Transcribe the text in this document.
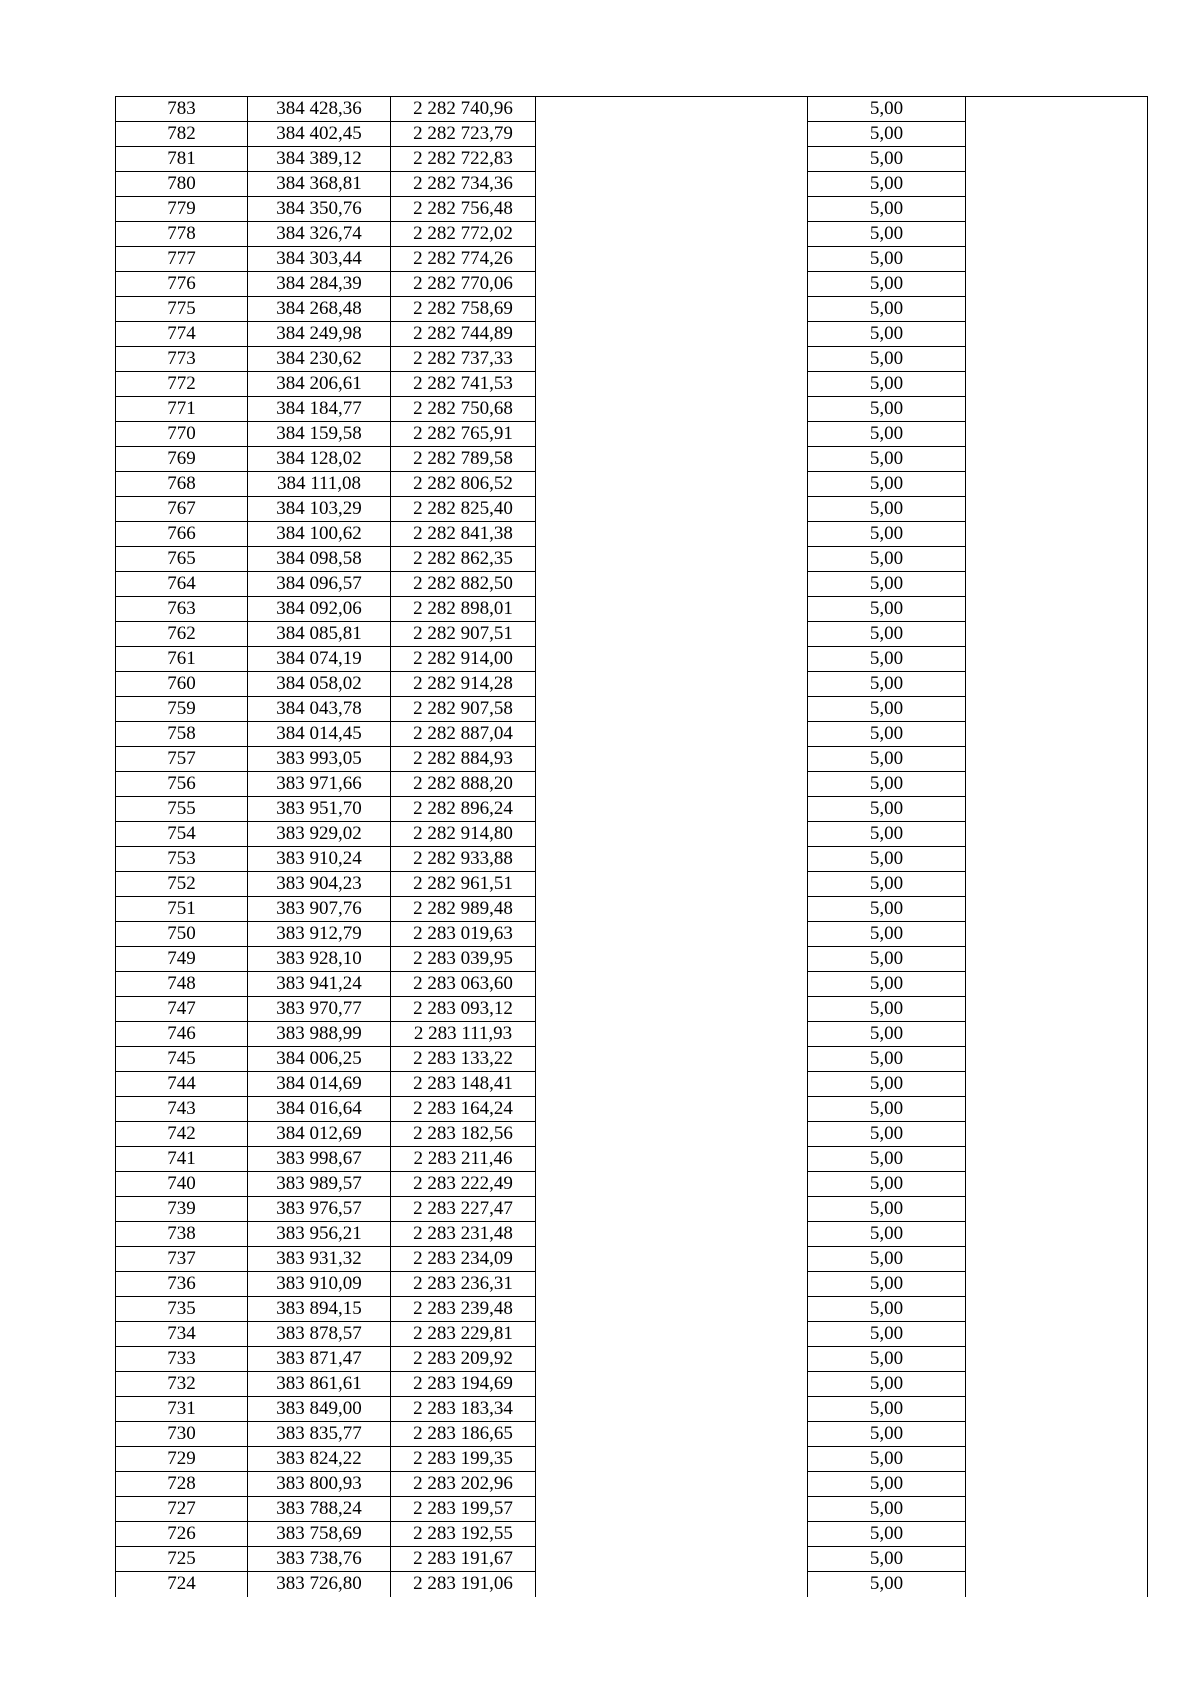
783	384 428,36	2 282 740,96	5,00
782	384 402,45	2 282 723,79	5,00
781	384 389,12	2 282 722,83	5,00
780	384 368,81	2 282 734,36	5,00
779	384 350,76	2 282 756,48	5,00
778	384 326,74	2 282 772,02	5,00
777	384 303,44	2 282 774,26	5,00
776	384 284,39	2 282 770,06	5,00
775	384 268,48	2 282 758,69	5,00
774	384 249,98	2 282 744,89	5,00
773	384 230,62	2 282 737,33	5,00
772	384 206,61	2 282 741,53	5,00
771	384 184,77	2 282 750,68	5,00
770	384 159,58	2 282 765,91	5,00
769	384 128,02	2 282 789,58	5,00
768	384 111,08	2 282 806,52	5,00
767	384 103,29	2 282 825,40	5,00
766	384 100,62	2 282 841,38	5,00
765	384 098,58	2 282 862,35	5,00
764	384 096,57	2 282 882,50	5,00
763	384 092,06	2 282 898,01	5,00
762	384 085,81	2 282 907,51	5,00
761	384 074,19	2 282 914,00	5,00
760	384 058,02	2 282 914,28	5,00
759	384 043,78	2 282 907,58	5,00
758	384 014,45	2 282 887,04	5,00
757	383 993,05	2 282 884,93	5,00
756	383 971,66	2 282 888,20	5,00
755	383 951,70	2 282 896,24	5,00
754	383 929,02	2 282 914,80	5,00
753	383 910,24	2 282 933,88	5,00
752	383 904,23	2 282 961,51	5,00
751	383 907,76	2 282 989,48	5,00
750	383 912,79	2 283 019,63	5,00
749	383 928,10	2 283 039,95	5,00
748	383 941,24	2 283 063,60	5,00
747	383 970,77	2 283 093,12	5,00
746	383 988,99	2 283 111,93	5,00
745	384 006,25	2 283 133,22	5,00
744	384 014,69	2 283 148,41	5,00
743	384 016,64	2 283 164,24	5,00
742	384 012,69	2 283 182,56	5,00
741	383 998,67	2 283 211,46	5,00
740	383 989,57	2 283 222,49	5,00
739	383 976,57	2 283 227,47	5,00
738	383 956,21	2 283 231,48	5,00
737	383 931,32	2 283 234,09	5,00
736	383 910,09	2 283 236,31	5,00
735	383 894,15	2 283 239,48	5,00
734	383 878,57	2 283 229,81	5,00
733	383 871,47	2 283 209,92	5,00
732	383 861,61	2 283 194,69	5,00
731	383 849,00	2 283 183,34	5,00
730	383 835,77	2 283 186,65	5,00
729	383 824,22	2 283 199,35	5,00
728	383 800,93	2 283 202,96	5,00
727	383 788,24	2 283 199,57	5,00
726	383 758,69	2 283 192,55	5,00
725	383 738,76	2 283 191,67	5,00
724	383 726,80	2 283 191,06	5,00
